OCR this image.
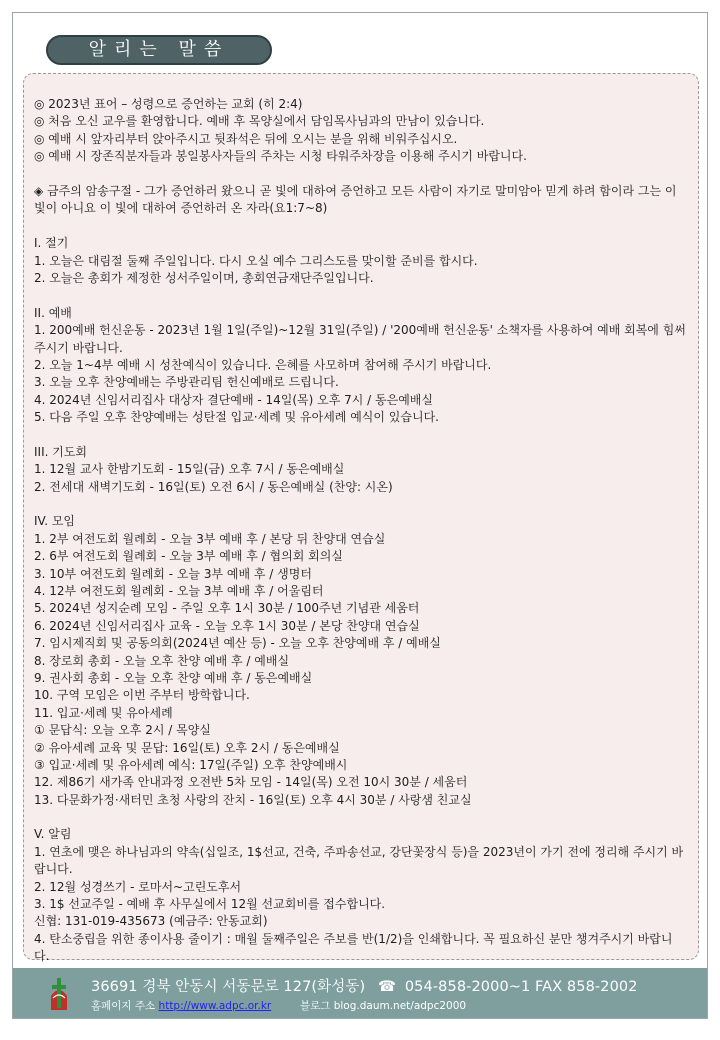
알리는 말씀
◎ 2023년 표어 – 성령으로 증언하는 교회 (히 2:4)
◎ 처음 오신 교우를 환영합니다. 예배 후 목양실에서 담임목사님과의 만남이 있습니다.
◎ 예배 시 앞자리부터 앉아주시고 뒷좌석은 뒤에 오시는 분을 위해 비워주십시오.
◎ 예배 시 장존직분자들과 봉일봉사자들의 주차는 시청 타워주차장을 이용해 주시기 바랍니다.
◈ 금주의 암송구절 - 그가 증언하러 왔으니 곧 빛에 대하여 증언하고 모든 사람이 자기로 말미암아 믿게 하려 함이라 그는 이 빛이 아니요 이 빛에 대하여 증언하러 온 자라(요1:7~8)
I. 절기
1. 오늘은 대림절 둘째 주일입니다. 다시 오실 예수 그리스도를 맞이할 준비를 합시다.
2. 오늘은 총회가 제정한 성서주일이며, 총회연금재단주일입니다.
II. 예배
1. 200예배 헌신운동 - 2023년 1월 1일(주일)~12월 31일(주일) / '200예배 헌신운동' 소책자를 사용하여 예배 회복에 힘써 주시기 바랍니다.
2. 오늘 1~4부 예배 시 성찬예식이 있습니다. 은혜를 사모하며 참여해 주시기 바랍니다.
3. 오늘 오후 찬양예배는 주방관리팀 헌신예배로 드립니다.
4. 2024년 신임서리집사 대상자 결단예배 - 14일(목) 오후 7시 / 동은예배실
5. 다음 주일 오후 찬양예배는 성탄절 입교·세례 및 유아세례 예식이 있습니다.
III. 기도회
1. 12월 교사 한밤기도회 - 15일(금) 오후 7시 / 동은예배실
2. 전세대 새벽기도회 - 16일(토) 오전 6시 / 동은예배실 (찬양: 시온)
IV. 모임
1. 2부 여전도회 월례회 - 오늘 3부 예배 후 / 본당 뒤 찬양대 연습실
2. 6부 여전도회 월례회 - 오늘 3부 예배 후 / 협의회 회의실
3. 10부 여전도회 월례회 - 오늘 3부 예배 후 / 생명터
4. 12부 여전도회 월례회 - 오늘 3부 예배 후 / 어울림터
5. 2024년 성지순례 모임 - 주일 오후 1시 30분 / 100주년 기념관 세움터
6. 2024년 신임서리집사 교육 - 오늘 오후 1시 30분 / 본당 찬양대 연습실
7. 임시제직회 및 공동의회(2024년 예산 등) - 오늘 오후 찬양예배 후 / 예배실
8. 장로회 총회 - 오늘 오후 찬양 예배 후 / 예배실
9. 권사회 총회 - 오늘 오후 찬양 예배 후 / 동은예배실
10. 구역 모임은 이번 주부터 방학합니다.
11. 입교·세례 및 유아세례
① 문답식: 오늘 오후 2시 / 목양실
② 유아세례 교육 및 문답: 16일(토) 오후 2시 / 동은예배실
③ 입교·세례 및 유아세례 예식: 17일(주일) 오후 찬양예배시
12. 제86기 새가족 안내과정 오전반 5차 모임 - 14일(목) 오전 10시 30분 / 세움터
13. 다문화가정·새터민 초청 사랑의 잔치 - 16일(토) 오후 4시 30분 / 사랑샘 친교실
V. 알림
1. 연초에 맺은 하나님과의 약속(십일조, 1$선교, 건축, 주파송선교, 강단꽃장식 등)을 2023년이 가기 전에 정리해 주시기 바랍니다.
2. 12월 성경쓰기 - 로마서~고린도후서
3. 1$ 선교주일 - 예배 후 사무실에서 12월 선교회비를 접수합니다.
신협: 131-019-435673 (예금주: 안동교회)
4. 탄소중립을 위한 종이사용 줄이기 : 매월 둘째주일은 주보를 반(1/2)을 인쇄합니다. 꼭 필요하신 분만 챙겨주시기 바랍니다.
36691 경북 안동시 서동문로 127(화성동) ☎ 054-858-2000~1 FAX 858-2002
홈페이지 주소 http://www.adpc.or.kr	블로그 blog.daum.net/adpc2000
